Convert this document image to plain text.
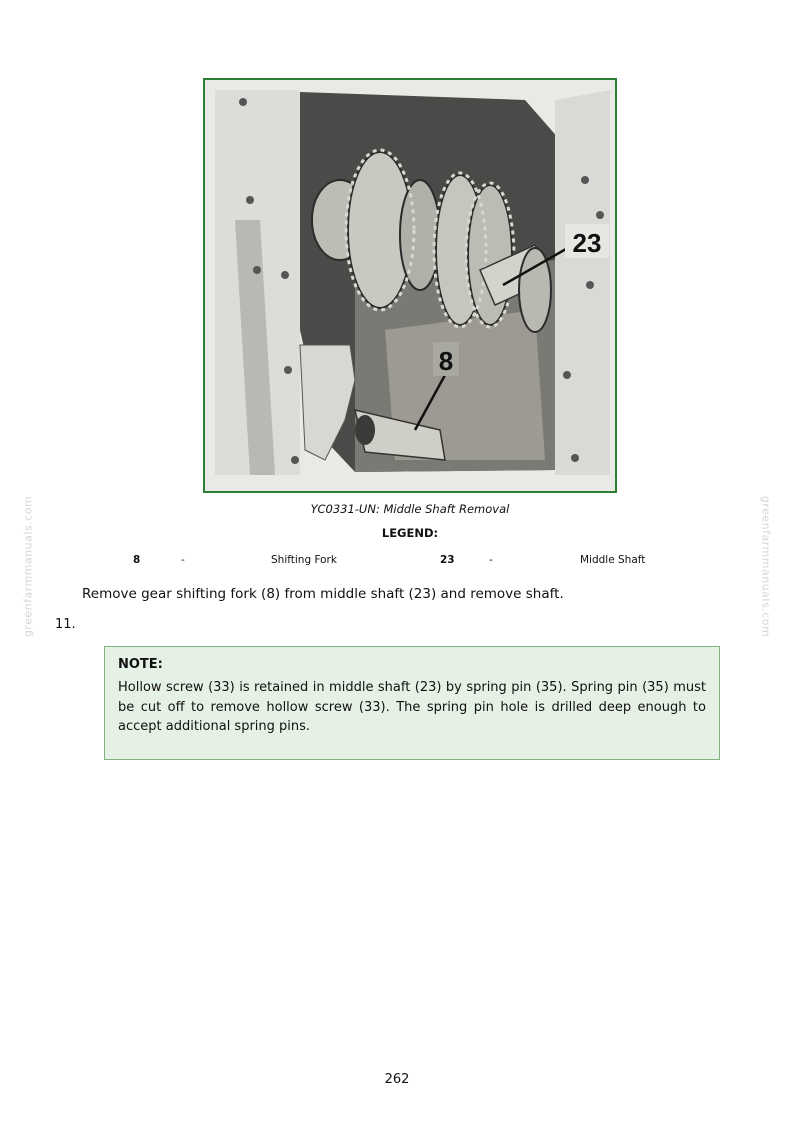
23
8
YC0331-UN: Middle Shaft Removal
LEGEND:
8	-	Shifting Fork	23	-	Middle Shaft
Remove gear shifting fork (8) from middle shaft (23) and remove shaft.
11.
NOTE:
Hollow screw (33) is retained in middle shaft (23) by spring pin (35). Spring pin (35) must be cut off to remove hollow screw (33). The spring pin hole is drilled deep enough to accept additional spring pins.
greenfarmmanuals.com	greenfarmmanuals.com
262
